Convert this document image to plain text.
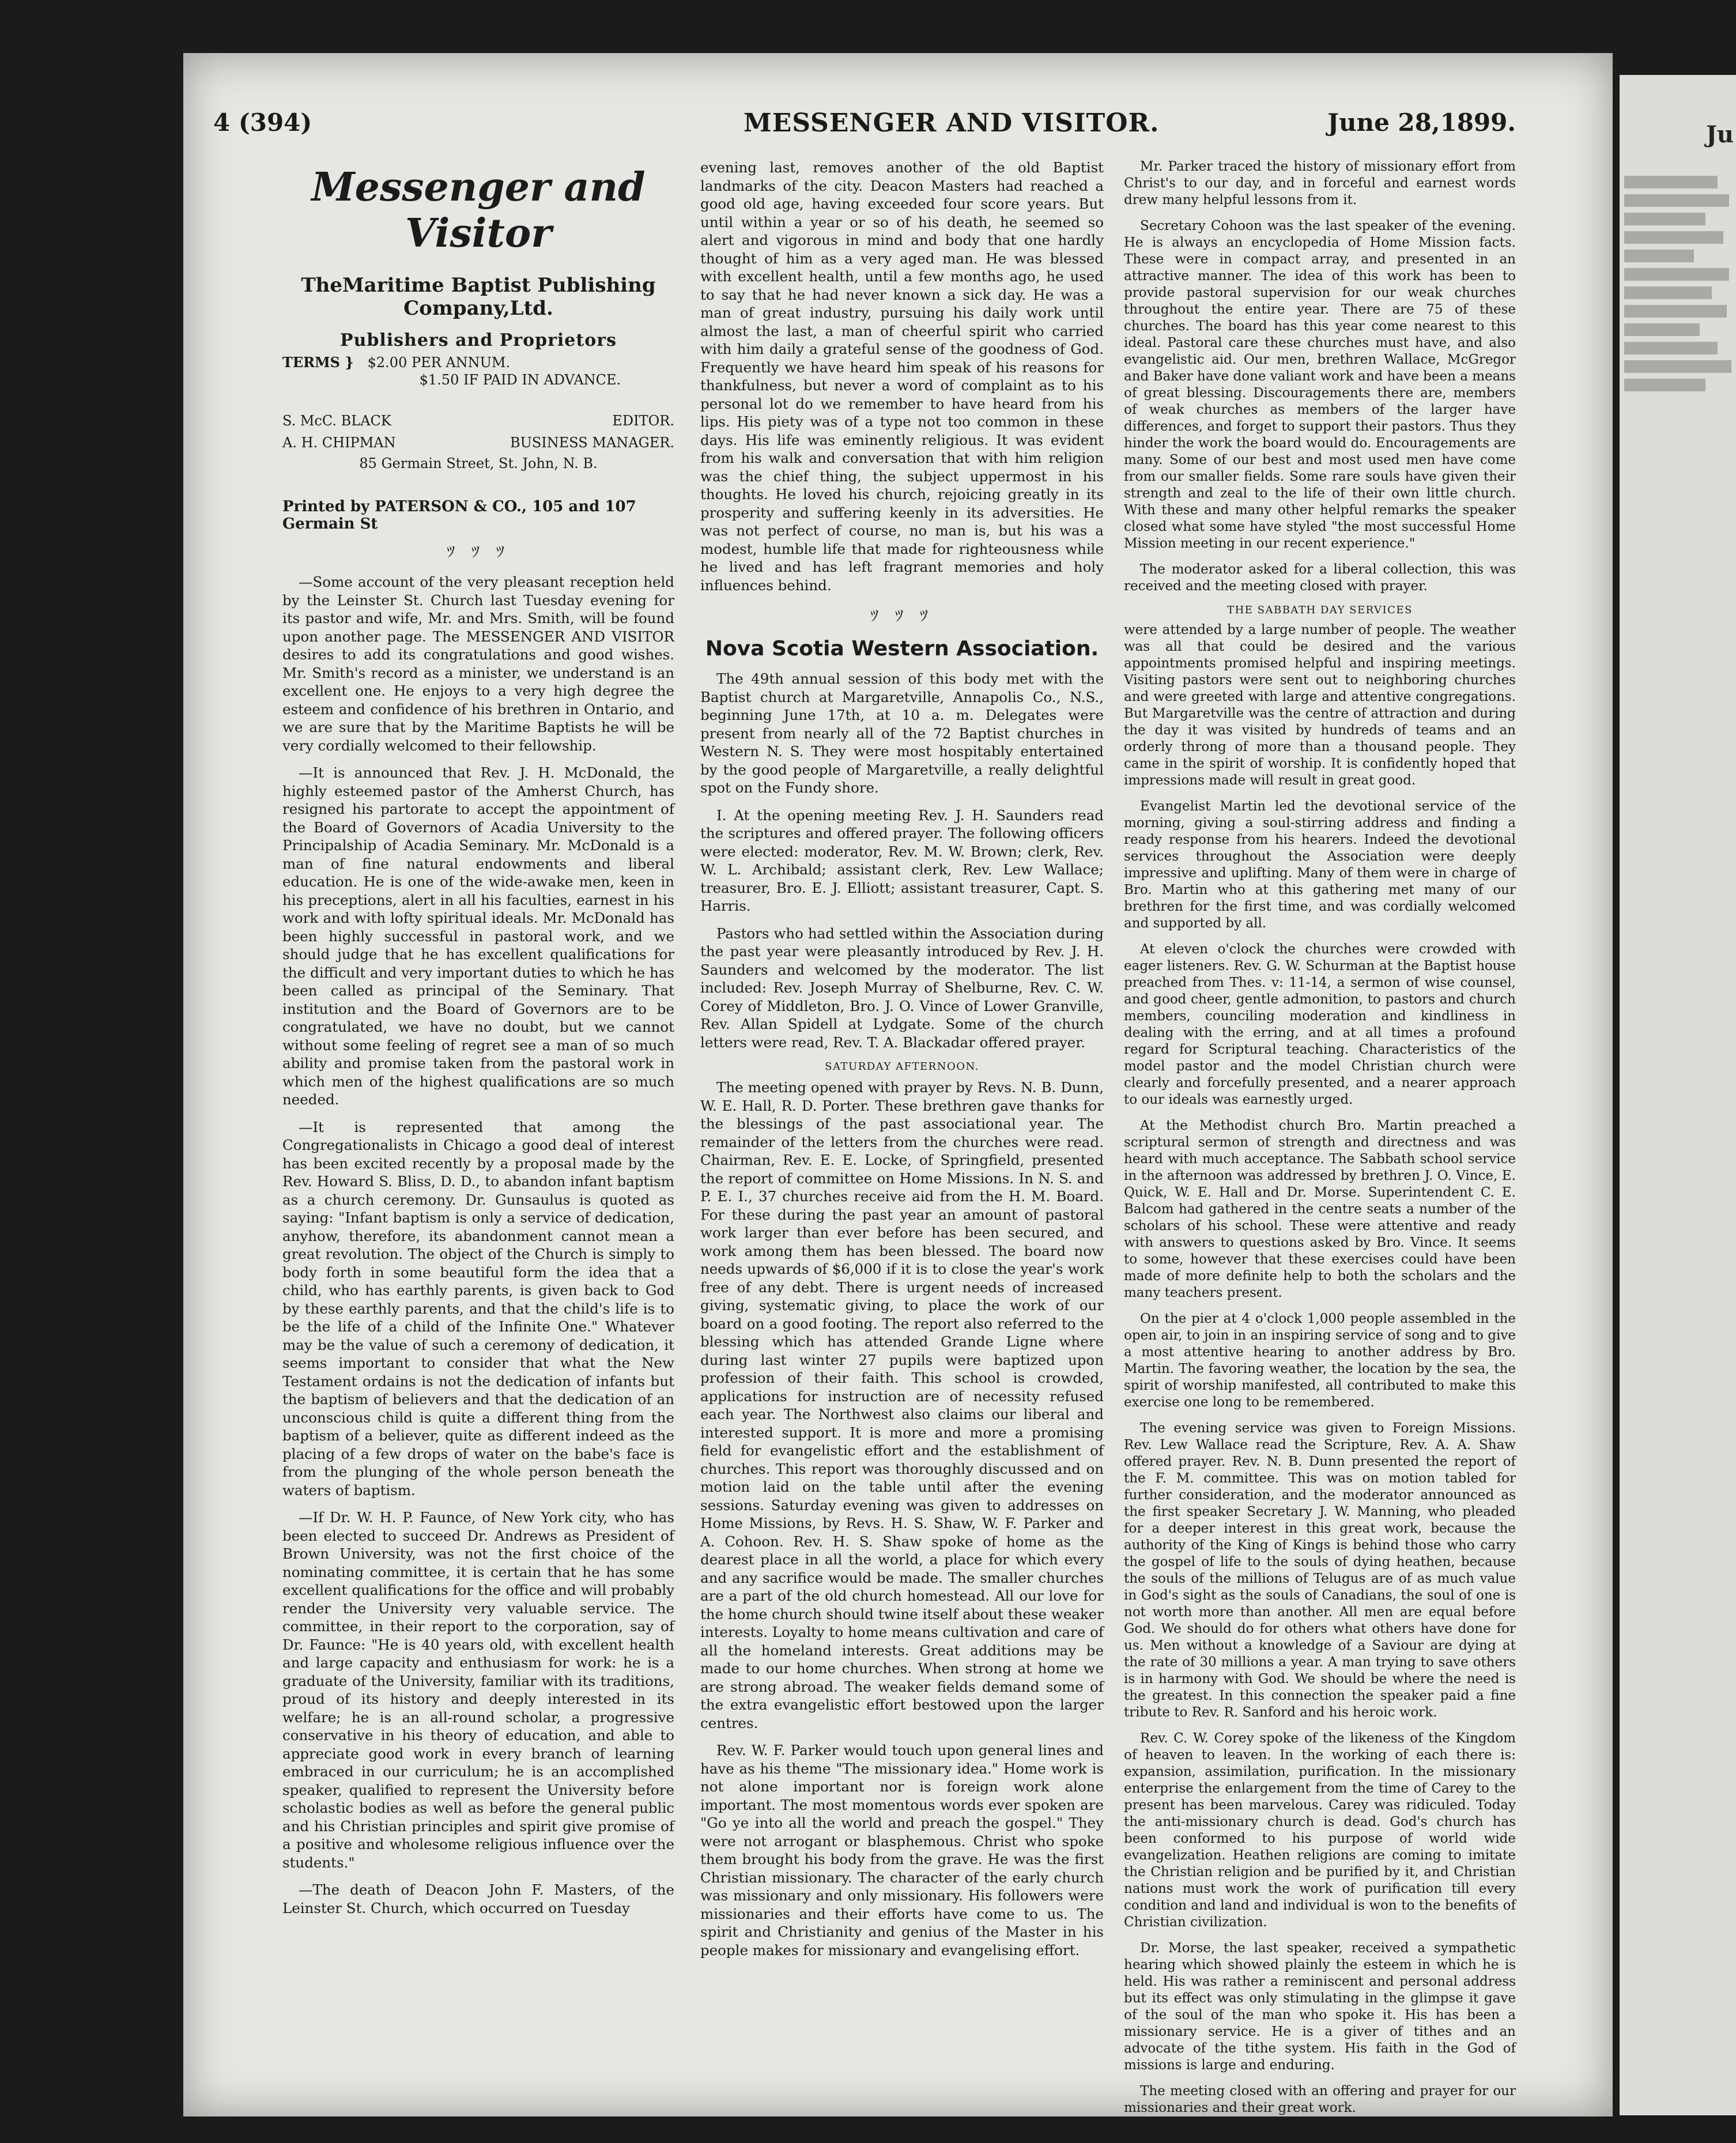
Ju
4 (394)	MESSENGER AND VISITOR.	June 28,1899.
Messenger and Visitor
TheMaritime Baptist Publishing Company,Ltd.
Publishers and Proprietors
TERMS } $2.00 PER ANNUM.
$1.50 IF PAID IN ADVANCE.
S. McC. BLACK	EDITOR.
A. H. CHIPMAN	BUSINESS MANAGER.
85 Germain Street, St. John, N. B.
Printed by PATERSON & CO., 105 and 107 Germain St
ﾂ ﾂ ﾂ

—Some account of the very pleasant reception held by the Leinster St. Church last Tuesday evening for its pastor and wife, Mr. and Mrs. Smith, will be found upon another page. The MESSENGER AND VISITOR desires to add its congratulations and good wishes. Mr. Smith's record as a minister, we understand is an excellent one. He enjoys to a very high degree the esteem and confidence of his brethren in Ontario, and we are sure that by the Maritime Baptists he will be very cordially welcomed to their fellowship.

—It is announced that Rev. J. H. McDonald, the highly esteemed pastor of the Amherst Church, has resigned his partorate to accept the appointment of the Board of Governors of Acadia University to the Principalship of Acadia Seminary. Mr. McDonald is a man of fine natural endowments and liberal education. He is one of the wide-awake men, keen in his preceptions, alert in all his faculties, earnest in his work and with lofty spiritual ideals. Mr. McDonald has been highly successful in pastoral work, and we should judge that he has excellent qualifications for the difficult and very important duties to which he has been called as principal of the Seminary. That institution and the Board of Governors are to be congratulated, we have no doubt, but we cannot without some feeling of regret see a man of so much ability and promise taken from the pastoral work in which men of the highest qualifications are so much needed.

—It is represented that among the Congregationalists in Chicago a good deal of interest has been excited recently by a proposal made by the Rev. Howard S. Bliss, D. D., to abandon infant baptism as a church ceremony. Dr. Gunsaulus is quoted as saying: "Infant baptism is only a service of dedication, anyhow, therefore, its abandonment cannot mean a great revolution. The object of the Church is simply to body forth in some beautiful form the idea that a child, who has earthly parents, is given back to God by these earthly parents, and that the child's life is to be the life of a child of the Infinite One." Whatever may be the value of such a ceremony of dedication, it seems important to consider that what the New Testament ordains is not the dedication of infants but the baptism of believers and that the dedication of an unconscious child is quite a different thing from the baptism of a believer, quite as different indeed as the placing of a few drops of water on the babe's face is from the plunging of the whole person beneath the waters of baptism.

—If Dr. W. H. P. Faunce, of New York city, who has been elected to succeed Dr. Andrews as President of Brown University, was not the first choice of the nominating committee, it is certain that he has some excellent qualifications for the office and will probably render the University very valuable service. The committee, in their report to the corporation, say of Dr. Faunce: "He is 40 years old, with excellent health and large capacity and enthusiasm for work: he is a graduate of the University, familiar with its traditions, proud of its history and deeply interested in its welfare; he is an all-round scholar, a progressive conservative in his theory of education, and able to appreciate good work in every branch of learning embraced in our curriculum; he is an accomplished speaker, qualified to represent the University before scholastic bodies as well as before the general public and his Christian principles and spirit give promise of a positive and wholesome religious influence over the students."

—The death of Deacon John F. Masters, of the Leinster St. Church, which occurred on Tuesday

evening last, removes another of the old Baptist landmarks of the city. Deacon Masters had reached a good old age, having exceeded four score years. But until within a year or so of his death, he seemed so alert and vigorous in mind and body that one hardly thought of him as a very aged man. He was blessed with excellent health, until a few months ago, he used to say that he had never known a sick day. He was a man of great industry, pursuing his daily work until almost the last, a man of cheerful spirit who carried with him daily a grateful sense of the goodness of God. Frequently we have heard him speak of his reasons for thankfulness, but never a word of complaint as to his personal lot do we remember to have heard from his lips. His piety was of a type not too common in these days. His life was eminently religious. It was evident from his walk and conversation that with him religion was the chief thing, the subject uppermost in his thoughts. He loved his church, rejoicing greatly in its prosperity and suffering keenly in its adversities. He was not perfect of course, no man is, but his was a modest, humble life that made for righteousness while he lived and has left fragrant memories and holy influences behind.

ﾂ ﾂ ﾂ
Nova Scotia Western Association.

The 49th annual session of this body met with the Baptist church at Margaretville, Annapolis Co., N.S., beginning June 17th, at 10 a. m. Delegates were present from nearly all of the 72 Baptist churches in Western N. S. They were most hospitably entertained by the good people of Margaretville, a really delightful spot on the Fundy shore.

I. At the opening meeting Rev. J. H. Saunders read the scriptures and offered prayer. The following officers were elected: moderator, Rev. M. W. Brown; clerk, Rev. W. L. Archibald; assistant clerk, Rev. Lew Wallace; treasurer, Bro. E. J. Elliott; assistant treasurer, Capt. S. Harris.

Pastors who had settled within the Association during the past year were pleasantly introduced by Rev. J. H. Saunders and welcomed by the moderator. The list included: Rev. Joseph Murray of Shelburne, Rev. C. W. Corey of Middleton, Bro. J. O. Vince of Lower Granville, Rev. Allan Spidell at Lydgate. Some of the church letters were read, Rev. T. A. Blackadar offered prayer.

SATURDAY AFTERNOON.

The meeting opened with prayer by Revs. N. B. Dunn, W. E. Hall, R. D. Porter. These brethren gave thanks for the blessings of the past associational year. The remainder of the letters from the churches were read. Chairman, Rev. E. E. Locke, of Springfield, presented the report of committee on Home Missions. In N. S. and P. E. I., 37 churches receive aid from the H. M. Board. For these during the past year an amount of pastoral work larger than ever before has been secured, and work among them has been blessed. The board now needs upwards of $6,000 if it is to close the year's work free of any debt. There is urgent needs of increased giving, systematic giving, to place the work of our board on a good footing. The report also referred to the blessing which has attended Grande Ligne where during last winter 27 pupils were baptized upon profession of their faith. This school is crowded, applications for instruction are of necessity refused each year. The Northwest also claims our liberal and interested support. It is more and more a promising field for evangelistic effort and the establishment of churches. This report was thoroughly discussed and on motion laid on the table until after the evening sessions. Saturday evening was given to addresses on Home Missions, by Revs. H. S. Shaw, W. F. Parker and A. Cohoon. Rev. H. S. Shaw spoke of home as the dearest place in all the world, a place for which every and any sacrifice would be made. The smaller churches are a part of the old church homestead. All our love for the home church should twine itself about these weaker interests. Loyalty to home means cultivation and care of all the homeland interests. Great additions may be made to our home churches. When strong at home we are strong abroad. The weaker fields demand some of the extra evangelistic effort bestowed upon the larger centres.

Rev. W. F. Parker would touch upon general lines and have as his theme "The missionary idea." Home work is not alone important nor is foreign work alone important. The most momentous words ever spoken are "Go ye into all the world and preach the gospel." They were not arrogant or blasphemous. Christ who spoke them brought his body from the grave. He was the first Christian missionary. The character of the early church was missionary and only missionary. His followers were missionaries and their efforts have come to us. The spirit and Christianity and genius of the Master in his people makes for missionary and evangelising effort.

Mr. Parker traced the history of missionary effort from Christ's to our day, and in forceful and earnest words drew many helpful lessons from it.

Secretary Cohoon was the last speaker of the evening. He is always an encyclopedia of Home Mission facts. These were in compact array, and presented in an attractive manner. The idea of this work has been to provide pastoral supervision for our weak churches throughout the entire year. There are 75 of these churches. The board has this year come nearest to this ideal. Pastoral care these churches must have, and also evangelistic aid. Our men, brethren Wallace, McGregor and Baker have done valiant work and have been a means of great blessing. Discouragements there are, members of weak churches as members of the larger have differences, and forget to support their pastors. Thus they hinder the work the board would do. Encouragements are many. Some of our best and most used men have come from our smaller fields. Some rare souls have given their strength and zeal to the life of their own little church. With these and many other helpful remarks the speaker closed what some have styled "the most successful Home Mission meeting in our recent experience."

The moderator asked for a liberal collection, this was received and the meeting closed with prayer.

THE SABBATH DAY SERVICES

were attended by a large number of people. The weather was all that could be desired and the various appointments promised helpful and inspiring meetings. Visiting pastors were sent out to neighboring churches and were greeted with large and attentive congregations. But Margaretville was the centre of attraction and during the day it was visited by hundreds of teams and an orderly throng of more than a thousand people. They came in the spirit of worship. It is confidently hoped that impressions made will result in great good.

Evangelist Martin led the devotional service of the morning, giving a soul-stirring address and finding a ready response from his hearers. Indeed the devotional services throughout the Association were deeply impressive and uplifting. Many of them were in charge of Bro. Martin who at this gathering met many of our brethren for the first time, and was cordially welcomed and supported by all.

At eleven o'clock the churches were crowded with eager listeners. Rev. G. W. Schurman at the Baptist house preached from Thes. v: 11-14, a sermon of wise counsel, and good cheer, gentle admonition, to pastors and church members, counciling moderation and kindliness in dealing with the erring, and at all times a profound regard for Scriptural teaching. Characteristics of the model pastor and the model Christian church were clearly and forcefully presented, and a nearer approach to our ideals was earnestly urged.

At the Methodist church Bro. Martin preached a scriptural sermon of strength and directness and was heard with much acceptance. The Sabbath school service in the afternoon was addressed by brethren J. O. Vince, E. Quick, W. E. Hall and Dr. Morse. Superintendent C. E. Balcom had gathered in the centre seats a number of the scholars of his school. These were attentive and ready with answers to questions asked by Bro. Vince. It seems to some, however that these exercises could have been made of more definite help to both the scholars and the many teachers present.

On the pier at 4 o'clock 1,000 people assembled in the open air, to join in an inspiring service of song and to give a most attentive hearing to another address by Bro. Martin. The favoring weather, the location by the sea, the spirit of worship manifested, all contributed to make this exercise one long to be remembered.

The evening service was given to Foreign Missions. Rev. Lew Wallace read the Scripture, Rev. A. A. Shaw offered prayer. Rev. N. B. Dunn presented the report of the F. M. committee. This was on motion tabled for further consideration, and the moderator announced as the first speaker Secretary J. W. Manning, who pleaded for a deeper interest in this great work, because the authority of the King of Kings is behind those who carry the gospel of life to the souls of dying heathen, because the souls of the millions of Telugus are of as much value in God's sight as the souls of Canadians, the soul of one is not worth more than another. All men are equal before God. We should do for others what others have done for us. Men without a knowledge of a Saviour are dying at the rate of 30 millions a year. A man trying to save others is in harmony with God. We should be where the need is the greatest. In this connection the speaker paid a fine tribute to Rev. R. Sanford and his heroic work.

Rev. C. W. Corey spoke of the likeness of the Kingdom of heaven to leaven. In the working of each there is: expansion, assimilation, purification. In the missionary enterprise the enlargement from the time of Carey to the present has been marvelous. Carey was ridiculed. Today the anti-missionary church is dead. God's church has been conformed to his purpose of world wide evangelization. Heathen religions are coming to imitate the Christian religion and be purified by it, and Christian nations must work the work of purification till every condition and land and individual is won to the benefits of Christian civilization.

Dr. Morse, the last speaker, received a sympathetic hearing which showed plainly the esteem in which he is held. His was rather a reminiscent and personal address but its effect was only stimulating in the glimpse it gave of the soul of the man who spoke it. His has been a missionary service. He is a giver of tithes and an advocate of the tithe system. His faith in the God of missions is large and enduring.

The meeting closed with an offering and prayer for our missionaries and their great work.
